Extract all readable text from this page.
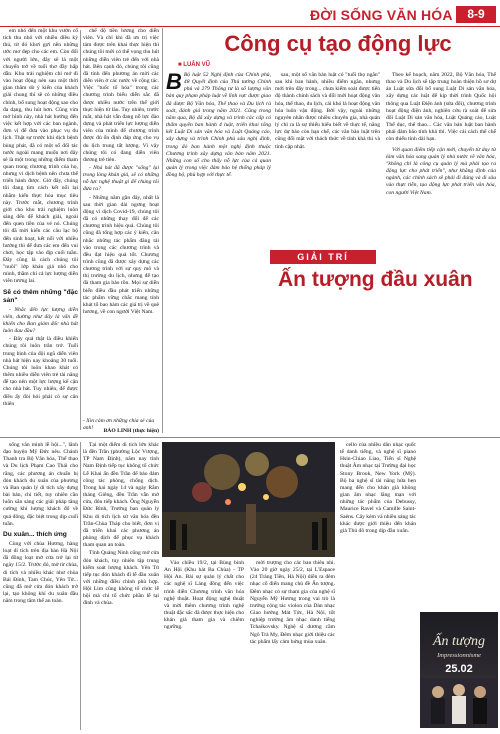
ĐỜI SỐNG VĂN HÓA	8-9

em nhỏ đến một khu vườn cổ tích thu nhỏ với nhiều điều kỳ thú, từ đó khơi gợi nền những ước mơ đẹp cho các em. Còn đối với người lớn, đây sẽ là một chuyến trở về tuổi thơ đầy hấp dẫn. Khu trải nghiệm chỉ mở đi vào hoạt động nên sau một thời gian thăm dò ý kiến của khách giải chung thì sẽ có những điều chỉnh, bổ sung hoạt động sao cho đa dạng, thu hút hơn. Cũng vừa mở hình này, nhà hát hướng đến việc kết hợp với các ban ngành, đơn vị để đưa vào phục vụ du lịch. Thật sự trước khi dịch bệnh bùng phát, đã có một số đối tác nước ngoài mang muốn nơi đây sẽ là một trong những điểm tham quan trong chương trình của họ, nhưng vì dịch bệnh nên chưa thể triển hành được. Giờ đây, chúng tôi đang tìm cách kết nối lại nhằm kiến thực hóa mục tiêu này. Trước mắt, chương trình giới cho khu trải nghiệm luôn sáng đến để khách giải, ngoài đến quen tiền của vé nó. Chúng tôi đã mời kiến các câu lạc bộ đến sinh hoạt, kết nối với nhiều hướng thì để đưa các em đến vui chơi, học tập vào địp cuối tuần. Đây cũng là cách chúng tôi "nuôi" lớp khán giả nhỏ cho mình, thầm chí cả lực lượng diễn viên tương lai.

Sẽ có thêm những "đặc sản"

- Nhắc đến lực lượng diễn viên, dường như đây là vấn đề khiến cho Ban giám đốc nhà hát luôn đau đầu?

- Đây quả thật là điều khiến chúng tôi luôn trăn trở. Tuổi trung bình của đội ngũ diễn viên nhà hát hiện nay khoảng 30 tuổi. Chúng tôi luôn khao khát có thêm nhiều diễn viên trẻ tài năng để tạo nên một lực lượng kế cận cho nhà hát. Tuy nhiên, để được điều ấy đòi hỏi phải có sự cân thiên

chế độ tiền lương cho diễn viên. Và chỉ khi đã ưn trị việc tám được trên khai thực hiện thì chúng tôi mới có thể vọng thu hút những diễn viên trẻ đến với nhà hát. Bên cạnh đó, chúng tôi cũng đã tính đến phương án mời các diễn viên ở các nước về cộng tác. Việc "tuốc tố hóa" trong các chương trình biểu diễn sắc đã được nhiều nước trên thế giới thực hiện từ lâu. Tuy nhiên, trước mắt, nhà hát vẫn đang nỗ lực đào dựng và phát triển lực lượng diễn viên của mình để chương trình được đủ ổn định đáp ứng cho vụ du lịch trung tất lượng. Vì vậy chúng tôi có đang diễn viên đương trẻ tiên.

- Nhà hát đã được "sống" lại trong lòng khán giả, sẽ có những nỗ lực nghệ thuật gì để chúng tôi đưa ra?

- Những năm gần đây, nhất là sau thời gian dài ngưng hoạt động vì dịch Covid-19, chúng tôi đã có những thay đổi để các chương trình hiệu quả. Chúng tôi cũng đã tổng hợp các ý kiến, cân nhắc những tác phẩm đăng tải vào trong các chương trình và đều đạt hiệu quả tốt. Chương trình cũng đã được xây dựng các chương trình với sự quy mô và thị trường du lịch, nhưng để tạo đà tham gia bảo tồn. Mọi sự diễn biến điều đầu phát triển những tác phẩm vững chắc mang tính khát tổ bao hàm các giá trị về quê hương, về con người Việt Nam.

- Xin cảm ơn những chia sẻ của anh!	BẢO LINH (thực hiện)
Công cụ tạo động lực
■ LUÂN VŨ
B Bộ luật 52 Nghị định của Chính phủ, 48 Quyết định của Thủ tướng Chính phủ và 279 Thông tư là số lượng văn bản quy phạm pháp luật về lĩnh vực được giao đã được Bộ Văn hóa, Thể thao và Du lịch rà soát, đánh giá trong năm 2021. Cũng trong năm qua, Bộ đã xây dựng và trình các cấp có thẩm quyền ban hành 4 luật, triển khai tổng kết Luật Di sản văn hóa và Luật Quảng cáo, xây dựng và trình Chính phủ sáu nghị định, trong đó ban hành một nghị định thuộc Chương trình xây dựng văn bản năm 2021. Những con số cho thấy nỗ lực của cả quan quản lý trong việc đảm bảo hệ thống pháp lý đồng bộ, phù hợp với thực tế.

sau, một số văn bản luật có "tuổi thọ ngắn" sau khi ban hành, nhiều điểm ngắn, nhưng mới trên đây trong... chưa kiểm soát được tiến độ thành chính sách và đổi mới hoạt động văn hóa, thể thao, du lịch, cái khó là hoạt động văn hóa luôn vận động. Bởi vậy, ngoài những nguyên nhân được nhiều chuyên gia, nhà quản lý chỉ ra là sự thiếu hiểu biết về thực tế, năng lực dự báo còn hạn chế, các văn bản luật trên cũng đối mặt với thách thức về tính khả thi và tính cập nhật.

Theo kế hoạch, năm 2022, Bộ Văn hóa, Thể thao và Du lịch sẽ tập trung hoàn thiện hồ sơ dự án Luật sửa đổi bổ sung Luật Di sản văn hóa, xây dựng các luật để kịp thời trình Quốc hội thông qua Luật Điện ảnh (sửa đổi), chương trình hoạt động điện ảnh, nghiên cứu rà soát để sửa đổi Luật Di sản văn hóa, Luật Quảng cáo, Luật Thể dục, thể thao... Các văn bản luật ban hành phải đảm bảo tính khả thi. Việc cải cách thể chế còn thiếu tính dài hạn.

Với quan điểm tiếp cận mới, chuyển từ duy từ làm văn hóa sang quản lý nhà nước về văn hóa, "không chỉ là công cụ quản lý mà phải tạo ra động lực cho phát triển", như khẳng định của ngành, các chính sách sẽ phải đi đúng và đi sâu vào thực tiễn, tạo động lực phát triển văn hóa, con người Việt Nam.

GIẢI TRÍ
Ấn tượng đầu xuân

sống văn minh lễ hội...", lãnh đạo huyện Mỹ Đức nêu. Chánh Thanh tra Bộ Văn hóa, Thể thao và Du lịch Phạm Cao Thái cho rằng, các phương án chuẩn bị đón khách du xuân của phương và Ban quản lý di tích xây dựng bài bản, chi tiết, tuy nhiên cần luôn sẵn sàng các giải pháp tăng cường khi lượng khách đổ về quá đông, đặc biệt trong dịp cuối tuần.

Du xuân... thích ứng

Cùng với chùa Hương, hàng loạt di tích trên địa bàn Hà Nội đã đồng loạt mở cửa trở lại từ ngày 15/2. Trước đó, mở từ chùa, di tích và nhiều khác như chùa Bái Đính, Tam Chúc, Yên Tử... cũng đã mở cửa đón khách trở lại, tạo không khí du xuân đầu năm trong tâm thế an toàn.

Tại một điểm di tích lớn khác là đền Trần (phường Lộc Vượng, TP Nam Định), năm nay tỉnh Nam Định tiếp tục không tổ chức Lễ Khai ấn đền Trần để bảo đảm công tác phòng, chống dịch. Trong hai ngày 14 và ngày Rằm tháng Giêng, đền Trần vẫn mở cửa, đón tiếp khách. Ông Nguyễn Đức Bình, Trưởng ban quản lý Khu di tích lịch sử văn hóa đền Trần-Chùa Tháp cho biết, đơn vị đã triển khai các phương án phòng dịch để phục vụ khách tham quan an toàn.

Tỉnh Quảng Ninh cũng mở cửa đón khách, tuy nhiên tập trung kiểm soát lượng khách. Yên Tử tiếp tục đón khách đi lễ đầu xuân với những điều chỉnh phù hợp. Hội Lim cũng không tổ chức lễ hội mà chỉ tổ chức phần lễ tại đình và chùa.

Vào chiều 19/2, tại Bùng binh An Hội (Khu hát Ba Chùa) - TP Hội An. Bài sự quản lý chất cho các nghệ sĩ Làng đồng đến việc trình diễn Chương trình văn hóa nghệ thuật. Hoạt động nghệ thuật và mời thêm chương trình nghệ thuật đặc sắc đã được thực hiện cho khán giả tham gia và chiêm ngưỡng.

mời trượng cho các ban thiêu nhi. Vào 20 giờ ngày 25/2, tại L'Espace (24 Tràng Tiền, Hà Nội) diễn ra đêm nhạc cổ điển mang chủ đề Ấn tượng. Đêm nhạc có sự tham gia của nghệ sĩ Nguyễn Mỹ Hương trong vai trò là trưởng cộng tác violon của Dàn nhạc Giao hưởng Mát Tức, Hà Nội, tốt nghiệp trường âm nhạc danh tiếng Tchaikovsky. Nghệ sĩ dương cầm Ngô Trà My, Đêm nhạc giới thiệu các tác phẩm lấy cảm hứng mùa xuân.

cello của nhiều dân nhạc quốc tế danh tiếng, và nghệ sĩ piano Hsin-Chiao Liao, Tiến sĩ Nghệ thuật Âm nhạc tại Trường đại học Stony Brook, New York (Mỹ). Bộ ba nghệ sĩ tài năng hứa hẹn mang đến cho khán giả không gian âm nhạc lãng mạn với những tác phẩm của Debussy, Maurice Ravel và Camille Saint-Saëns. Cây kèm và nhiều sáng tác khác được giới thiệu đến khán giả Thủ đô trong dịp đầu xuân.

Ấn tượng
Impressionnisme
25.02
